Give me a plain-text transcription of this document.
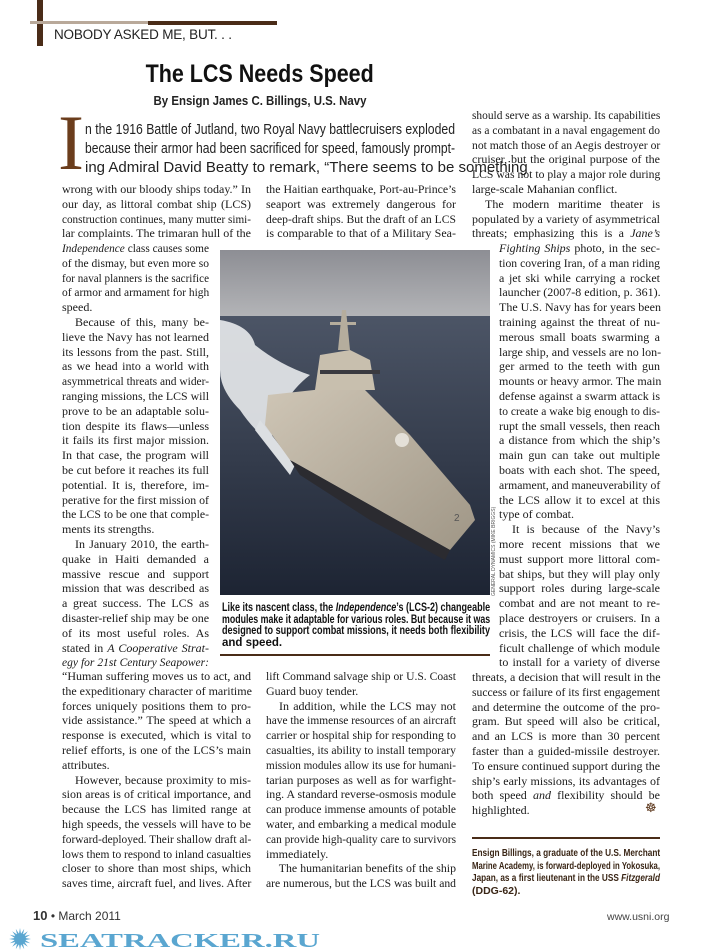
NOBODY ASKED ME, BUT. . .
The LCS Needs Speed
By Ensign James C. Billings, U.S. Navy
I n the 1916 Battle of Jutland, two Royal Navy battlecruisers exploded
because their armor had been sacrificed for speed, famously prompt-
ing Admiral David Beatty to remark, “There seems to be something
wrong with our bloody ships today.” In
our day, as littoral combat ship (LCS)
construction continues, many mutter simi-
lar complaints. The trimaran hull of the
Independence class causes some
of the dismay, but even more so
for naval planners is the sacrifice
of armor and armament for high
speed.
Because of this, many be-
lieve the Navy has not learned
its lessons from the past. Still,
as we head into a world with
asymmetrical threats and wider-
ranging missions, the LCS will
prove to be an adaptable solu-
tion despite its flaws—unless
it fails its first major mission.
In that case, the program will
be cut before it reaches its full
potential. It is, therefore, im-
perative for the first mission of
the LCS to be one that comple-
ments its strengths.
In January 2010, the earth-
quake in Haiti demanded a
massive rescue and support
mission that was described as
a great success. The LCS as
disaster-relief ship may be one
of its most useful roles. As
stated in A Cooperative Strat-
egy for 21st Century Seapower:
“Human suffering moves us to act, and
the expeditionary character of maritime
forces uniquely positions them to pro-
vide assistance.” The speed at which a
response is executed, which is vital to
relief efforts, is one of the LCS’s main
attributes.
However, because proximity to mis-
sion areas is of critical importance, and
because the LCS has limited range at
high speeds, the vessels will have to be
forward-deployed. Their shallow draft al-
lows them to respond to inland casualties
closer to shore than most ships, which
saves time, aircraft fuel, and lives. After
the Haitian earthquake, Port-au-Prince’s
seaport was extremely dangerous for
deep-draft ships. But the draft of an LCS
is comparable to that of a Military Sea-
lift Command salvage ship or U.S. Coast
Guard buoy tender.
In addition, while the LCS may not
have the immense resources of an aircraft
carrier or hospital ship for responding to
casualties, its ability to install temporary
mission modules allow its use for humani-
tarian purposes as well as for warfight-
ing. A standard reverse-osmosis module
can produce immense amounts of potable
water, and embarking a medical module
can provide high-quality care to survivors
immediately.
The humanitarian benefits of the ship
are numerous, but the LCS was built and
should serve as a warship. Its capabilities
as a combatant in a naval engagement do
not match those of an Aegis destroyer or
cruiser, but the original purpose of the
LCS was not to play a major role during
large-scale Mahanian conflict.
The modern maritime theater is
populated by a variety of asymmetrical
threats; emphasizing this is a Jane’s
Fighting Ships photo, in the sec-
tion covering Iran, of a man riding
a jet ski while carrying a rocket
launcher (2007-8 edition, p. 361).
The U.S. Navy has for years been
training against the threat of nu-
merous small boats swarming a
large ship, and vessels are no lon-
ger armed to the teeth with gun
mounts or heavy armor. The main
defense against a swarm attack is
to create a wake big enough to dis-
rupt the small vessels, then reach
a distance from which the ship’s
main gun can take out multiple
boats with each shot. The speed,
armament, and maneuverability of
the LCS allow it to excel at this
type of combat.
It is because of the Navy’s
more recent missions that we
must support more littoral com-
bat ships, but they will play only
support roles during large-scale
combat and are not meant to re-
place destroyers or cruisers. In a
crisis, the LCS will face the dif-
ficult challenge of which module
to install for a variety of diverse
threats, a decision that will result in the
success or failure of its first engagement
and determine the outcome of the pro-
gram. But speed will also be critical,
and an LCS is more than 30 percent
faster than a guided-missile destroyer.
To ensure continued support during the
ship’s early missions, its advantages of
both speed and flexibility should be
highlighted.	☸
2	GENERAL DYNAMICS (MIKE BRIGGS)
Like its nascent class, the Independence’s (LCS-2) changeable
modules make it adaptable for various roles. But because it was
designed to support combat missions, it needs both flexibility
and speed.
Ensign Billings, a graduate of the U.S. Merchant
Marine Academy, is forward-deployed in Yokosuka,
Japan, as a first lieutenant in the USS Fitzgerald
(DDG-62).
10 • March 2011	www.usni.org
SEATRACKER.RU
